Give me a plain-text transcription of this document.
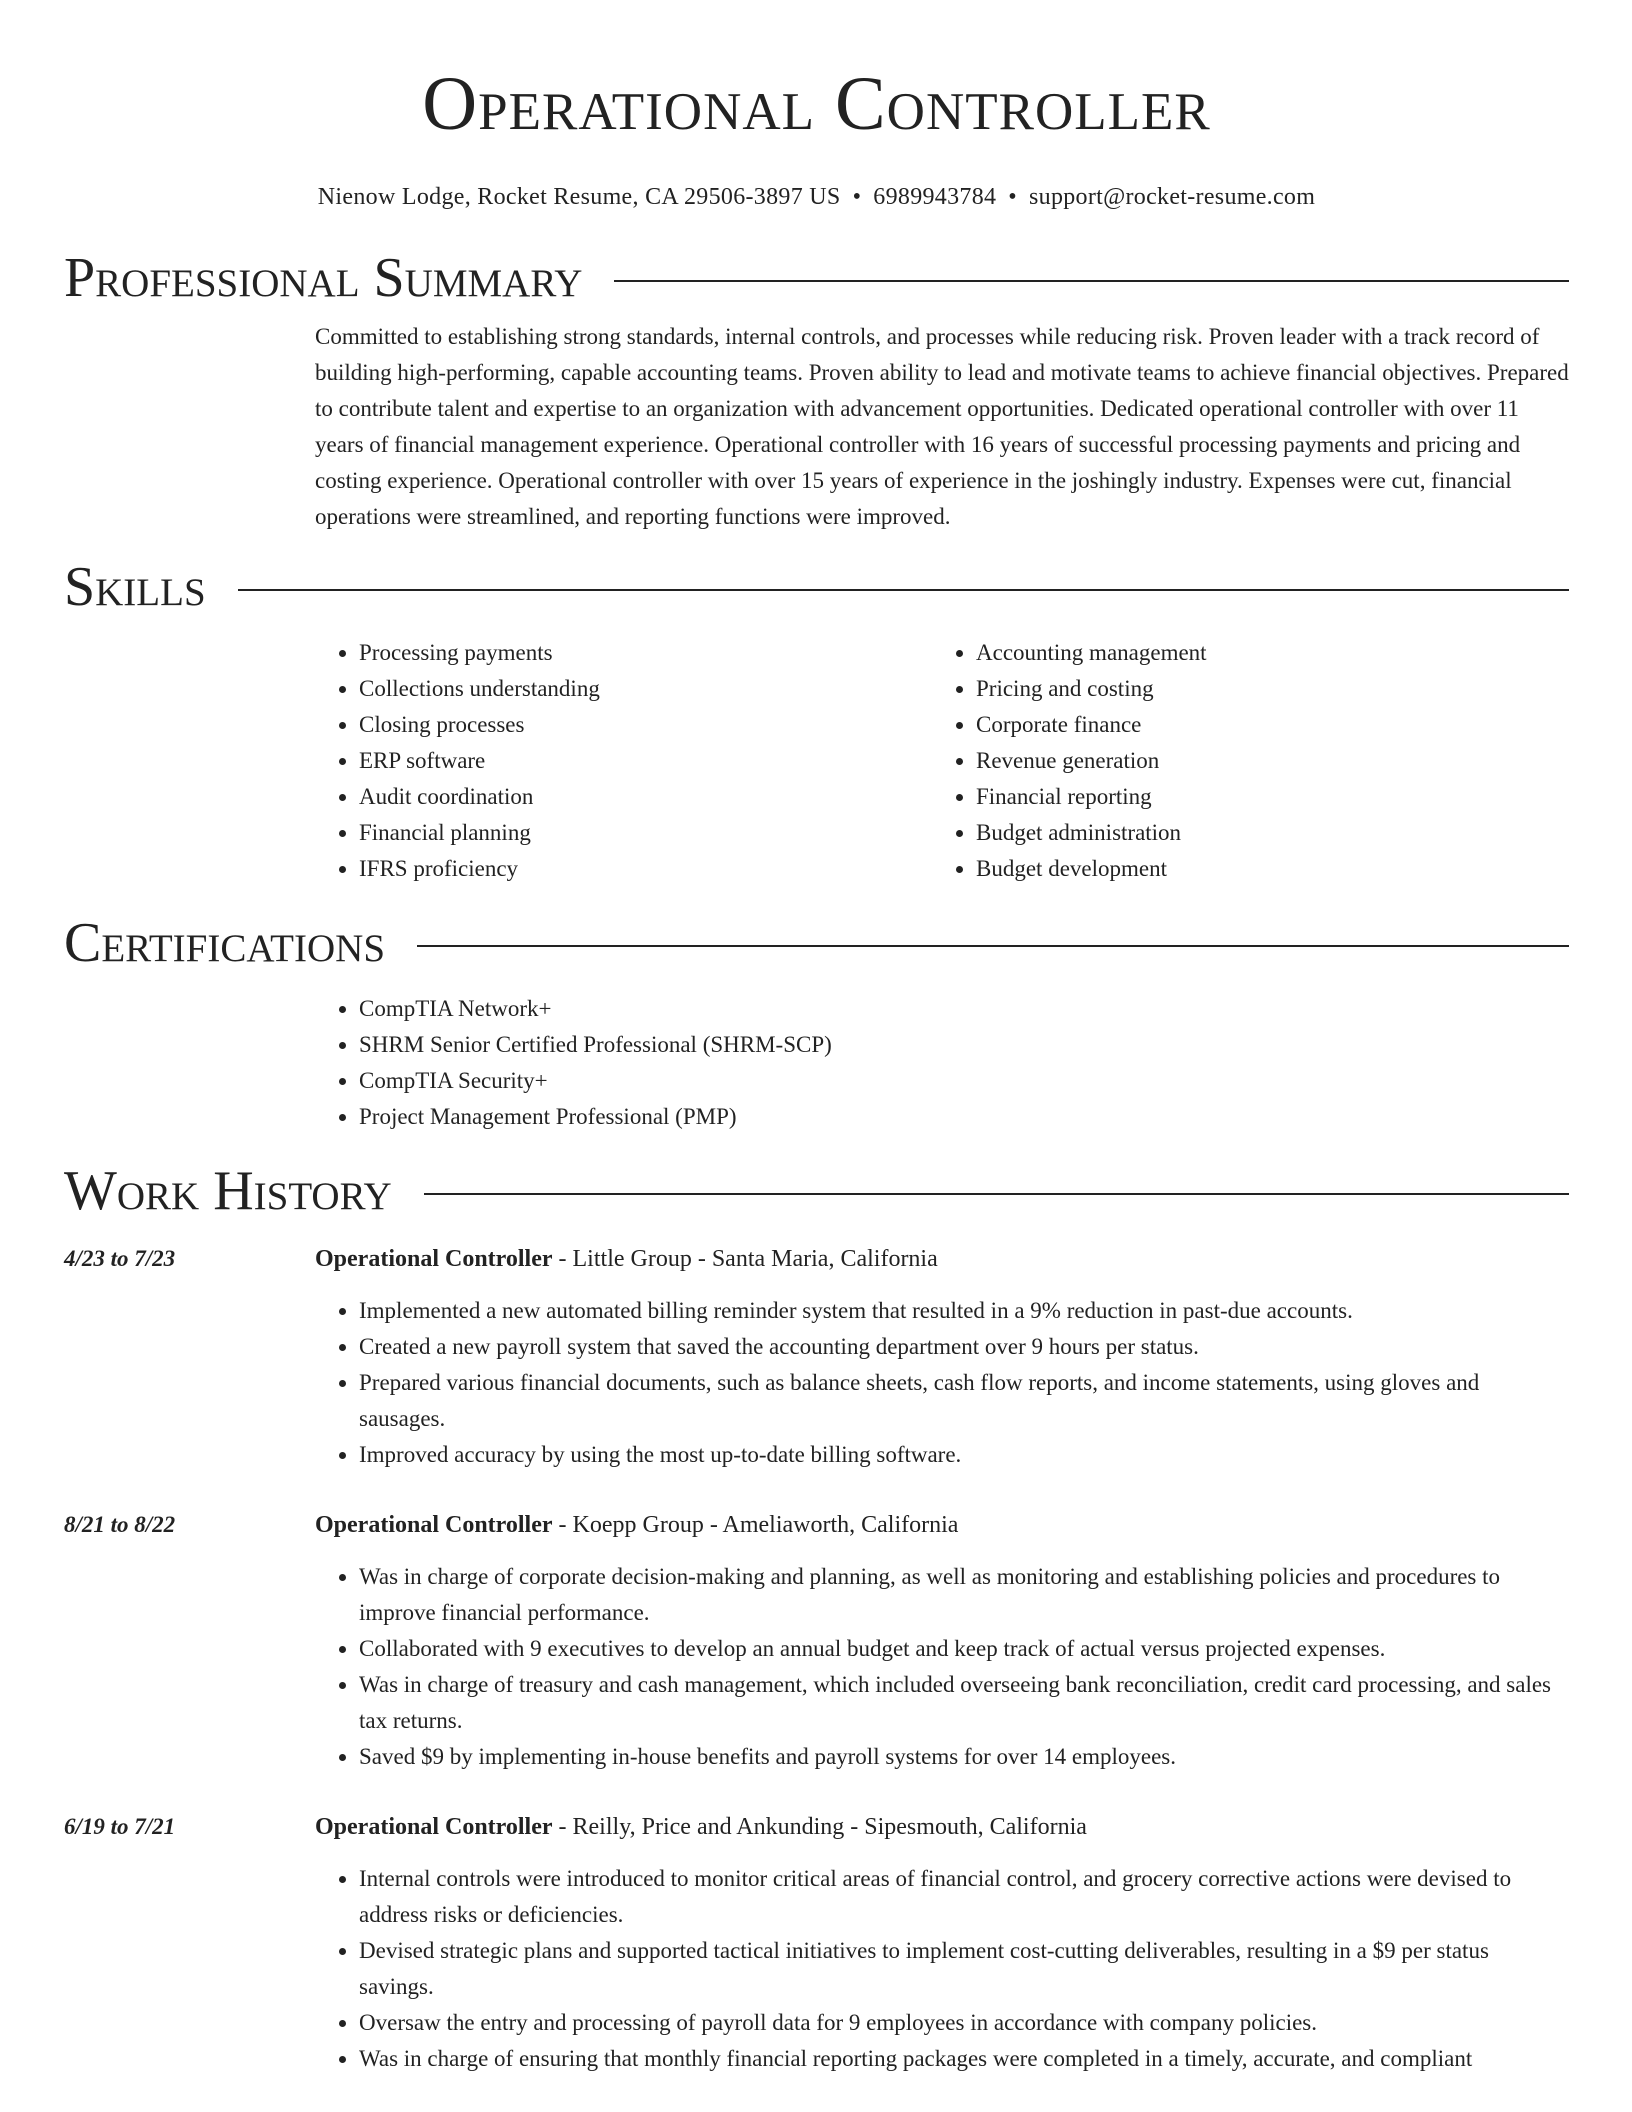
Operational Controller
Nienow Lodge, Rocket Resume, CA 29506-3897 US • 6989943784 • support@rocket-resume.com
Professional Summary

Committed to establishing strong standards, internal controls, and processes while reducing risk. Proven leader with a track record of building high-performing, capable accounting teams. Proven ability to lead and motivate teams to achieve financial objectives. Prepared to contribute talent and expertise to an organization with advancement opportunities. Dedicated operational controller with over 11 years of financial management experience. Operational controller with 16 years of successful processing payments and pricing and costing experience. Operational controller with over 15 years of experience in the joshingly industry. Expenses were cut, financial operations were streamlined, and reporting functions were improved.

Skills
• Processing payments
• Collections understanding
• Closing processes
• ERP software
• Audit coordination
• Financial planning
• IFRS proficiency
• Accounting management
• Pricing and costing
• Corporate finance
• Revenue generation
• Financial reporting
• Budget administration
• Budget development
Certifications
• CompTIA Network+
• SHRM Senior Certified Professional (SHRM-SCP)
• CompTIA Security+
• Project Management Professional (PMP)
Work History
4/23 to 7/23	Operational Controller - Little Group - Santa Maria, California
• Implemented a new automated billing reminder system that resulted in a 9% reduction in past-due accounts.
• Created a new payroll system that saved the accounting department over 9 hours per status.
• Prepared various financial documents, such as balance sheets, cash flow reports, and income statements, using gloves and sausages.
• Improved accuracy by using the most up-to-date billing software.
8/21 to 8/22	Operational Controller - Koepp Group - Ameliaworth, California
• Was in charge of corporate decision-making and planning, as well as monitoring and establishing policies and procedures to improve financial performance.
• Collaborated with 9 executives to develop an annual budget and keep track of actual versus projected expenses.
• Was in charge of treasury and cash management, which included overseeing bank reconciliation, credit card processing, and sales tax returns.
• Saved $9 by implementing in-house benefits and payroll systems for over 14 employees.
6/19 to 7/21	Operational Controller - Reilly, Price and Ankunding - Sipesmouth, California
• Internal controls were introduced to monitor critical areas of financial control, and grocery corrective actions were devised to address risks or deficiencies.
• Devised strategic plans and supported tactical initiatives to implement cost-cutting deliverables, resulting in a $9 per status savings.
• Oversaw the entry and processing of payroll data for 9 employees in accordance with company policies.
• Was in charge of ensuring that monthly financial reporting packages were completed in a timely, accurate, and compliant
